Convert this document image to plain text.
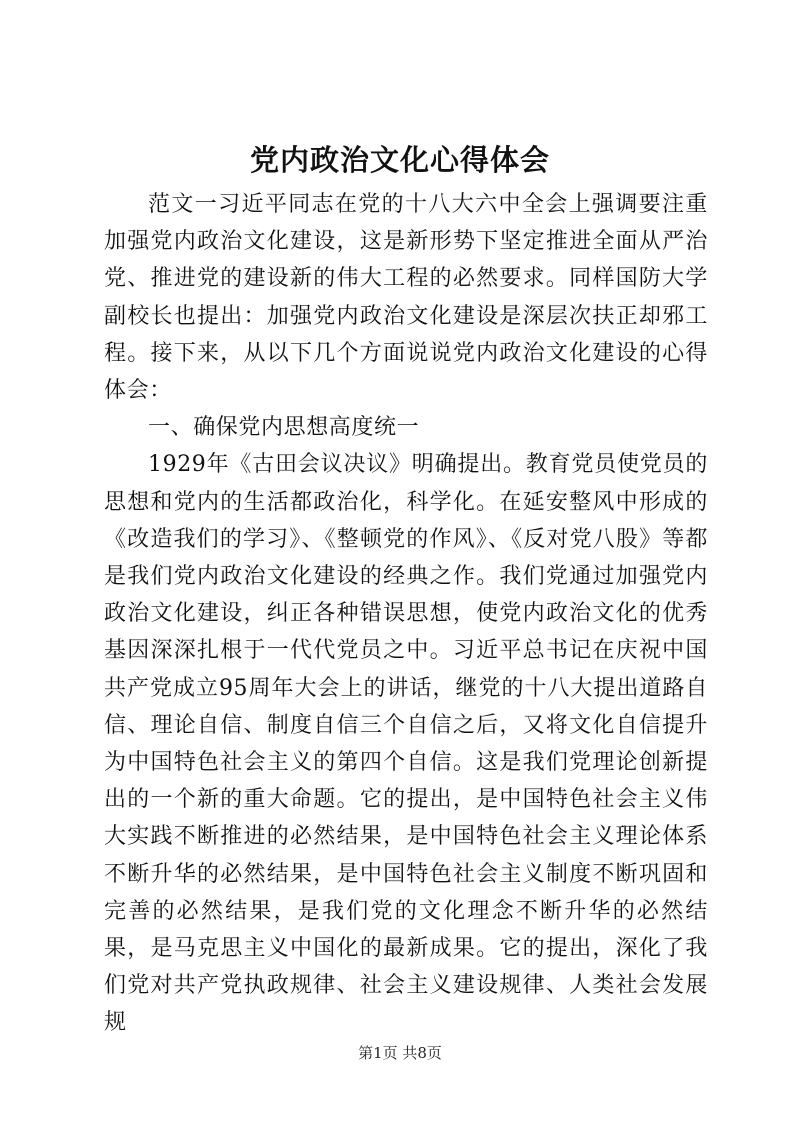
党内政治文化心得体会

范文一习近平同志在党的十八大六中全会上强调要注重加强党内政治文化建设，这是新形势下坚定推进全面从严治党、推进党的建设新的伟大工程的必然要求。同样国防大学副校长也提出：加强党内政治文化建设是深层次扶正却邪工程。接下来，从以下几个方面说说党内政治文化建设的心得体会：

一、确保党内思想高度统一

1929年《古田会议决议》明确提出。教育党员使党员的思想和党内的生活都政治化，科学化。在延安整风中形成的《改造我们的学习》、《整顿党的作风》、《反对党八股》等都是我们党内政治文化建设的经典之作。我们党通过加强党内政治文化建设，纠正各种错误思想，使党内政治文化的优秀基因深深扎根于一代代党员之中。习近平总书记在庆祝中国共产党成立95周年大会上的讲话，继党的十八大提出道路自信、理论自信、制度自信三个自信之后，又将文化自信提升为中国特色社会主义的第四个自信。这是我们党理论创新提出的一个新的重大命题。它的提出，是中国特色社会主义伟大实践不断推进的必然结果，是中国特色社会主义理论体系不断升华的必然结果，是中国特色社会主义制度不断巩固和完善的必然结果，是我们党的文化理念不断升华的必然结果，是马克思主义中国化的最新成果。它的提出，深化了我们党对共产党执政规律、社会主义建设规律、人类社会发展规

第1页 共8页
